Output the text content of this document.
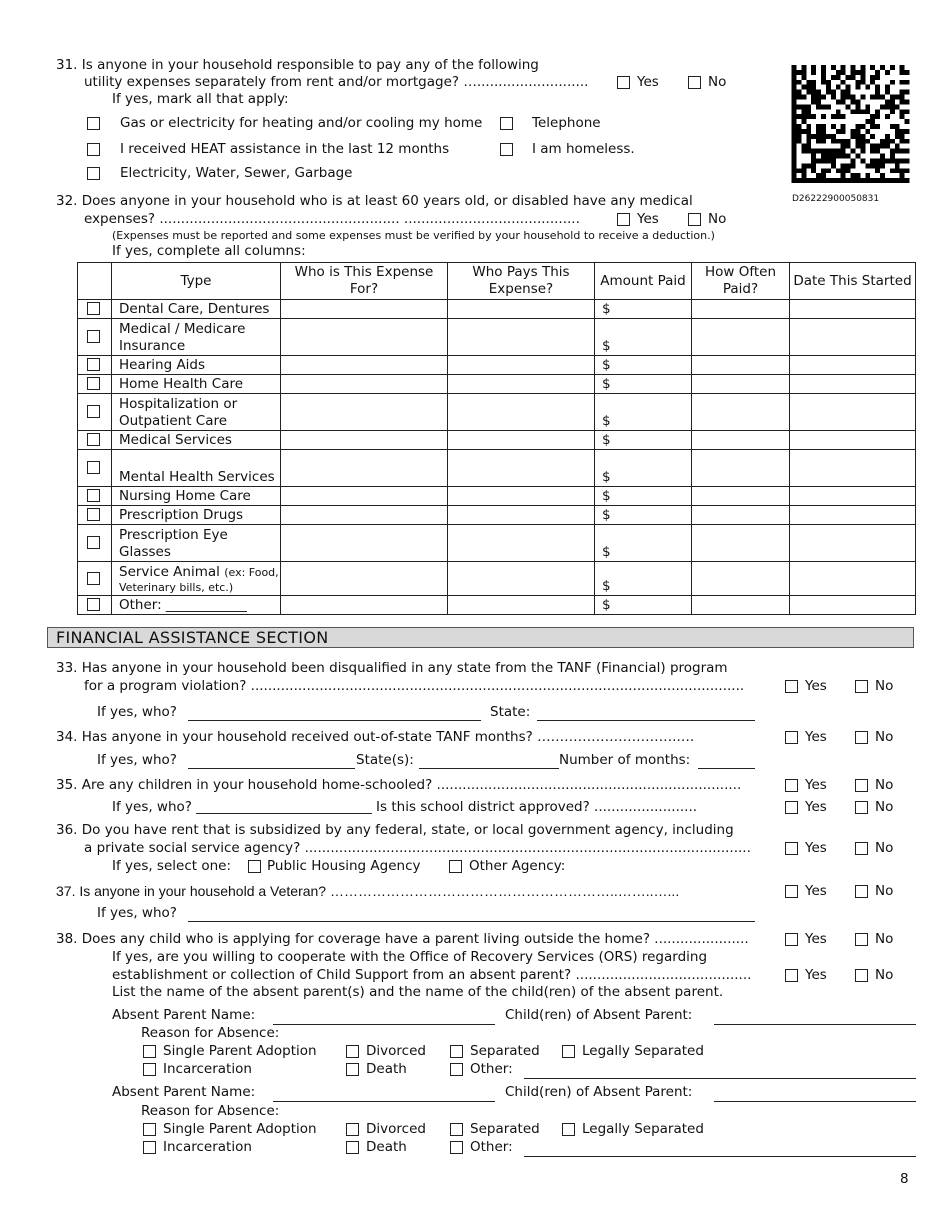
31. Is anyone in your household responsible to pay any of the following
utility expenses separately from rent and/or mortgage? …..........................	Yes	No
If yes, mark all that apply:
Gas or electricity for heating and/or cooling my home	Telephone
I received HEAT assistance in the last 12 months	I am homeless.
Electricity, Water, Sewer, Garbage
D26222900050831
32. Does anyone in your household who is at least 60 years old, or disabled have any medical
expenses? ........................................................ .........................................	Yes	No
(Expenses must be reported and some expenses must be verified by your household to receive a deduction.)
If yes, complete all columns:
	Type	Who is This Expense For?	Who Pays This Expense?	Amount Paid	How Often Paid?	Date This Started

	Dental Care, Dentures			$		

	Medical / Medicare Insurance			$		

	Hearing Aids			$		

	Home Health Care			$		

	Hospitalization or Outpatient Care			$		

	Medical Services			$		

	Mental Health Services			$		

	Nursing Home Care			$		

	Prescription Drugs			$		

	Prescription Eye Glasses			$		

	Service Animal (ex: Food, Veterinary bills, etc.)			$		

	Other: ____________			$		
FINANCIAL ASSISTANCE SECTION
33. Has anyone in your household been disqualified in any state from the TANF (Financial) program
for a program violation? ...................................................................................................................	Yes	No
If yes, who?	State:
34. Has anyone in your household received out-of-state TANF months? ………………………….….	Yes	No
If yes, who?	State(s):	Number of months:
35. Are any children in your household home-schooled? .......................................................................	Yes	No
If yes, who? __________________________ Is this school district approved? ........................	Yes	No
36. Do you have rent that is subsidized by any federal, state, or local government agency, including
a private social service agency? ........................................................................................................	Yes	No
If yes, select one:	Public Housing Agency	Other Agency:
37. Is anyone in your household a Veteran? ……………………………………………………..……..…...	Yes	No
If yes, who?
38. Does any child who is applying for coverage have a parent living outside the home? ......................	Yes	No
If yes, are you willing to cooperate with the Office of Recovery Services (ORS) regarding
establishment or collection of Child Support from an absent parent? .........................................	Yes	No
List the name of the absent parent(s) and the name of the child(ren) of the absent parent.
Absent Parent Name:	Child(ren) of Absent Parent:
Reason for Absence:
Single Parent Adoption	Divorced	Separated	Legally Separated
Incarceration	Death	Other:
Absent Parent Name:	Child(ren) of Absent Parent:
Reason for Absence:
Single Parent Adoption	Divorced	Separated	Legally Separated
Incarceration	Death	Other:
8
